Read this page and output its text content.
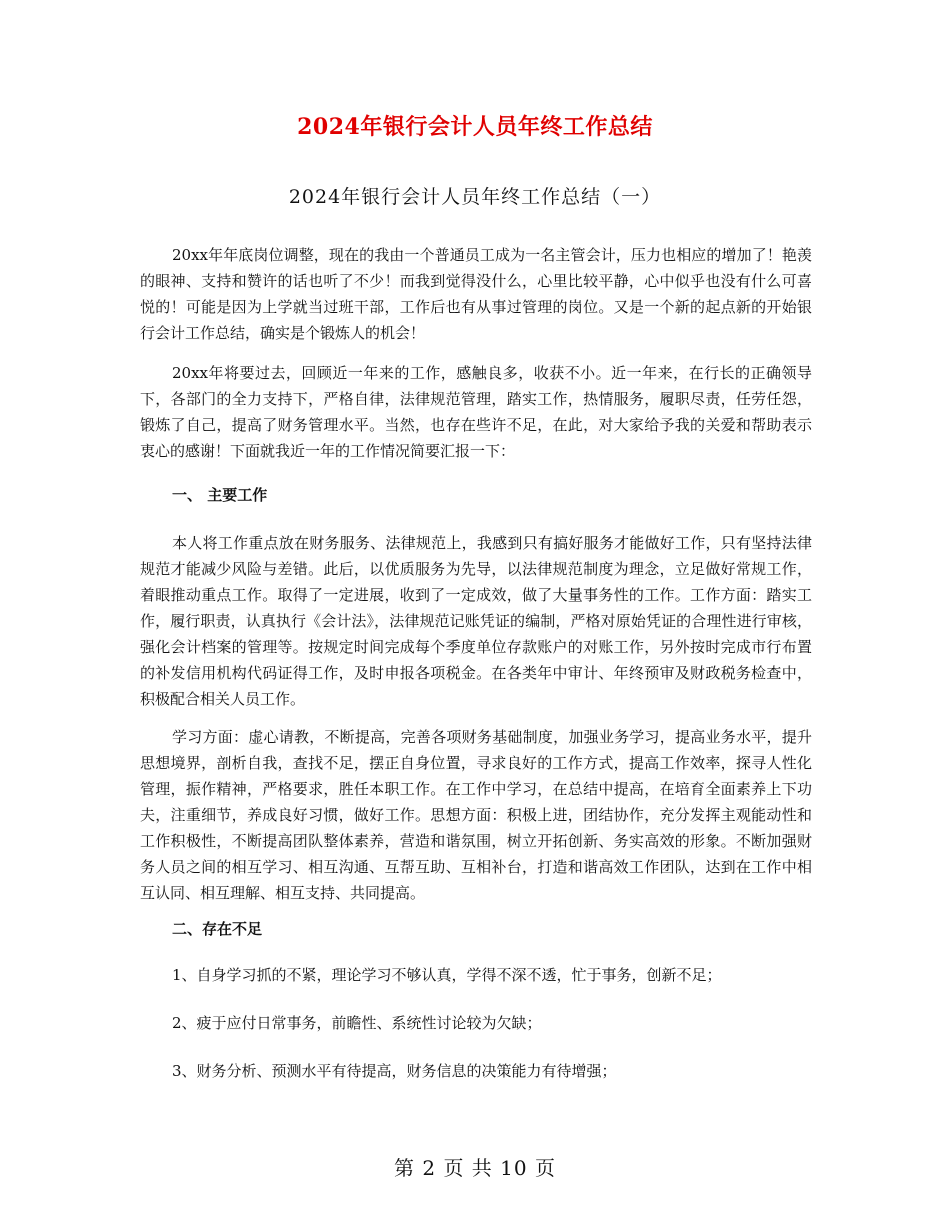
2024年银行会计人员年终工作总结
2024年银行会计人员年终工作总结（一）

20xx年年底岗位调整，现在的我由一个普通员工成为一名主管会计，压力也相应的增加了！艳羡的眼神、支持和赞许的话也听了不少！而我到觉得没什么，心里比较平静，心中似乎也没有什么可喜悦的！可能是因为上学就当过班干部，工作后也有从事过管理的岗位。又是一个新的起点新的开始银行会计工作总结，确实是个锻炼人的机会！

20xx年将要过去，回顾近一年来的工作，感触良多，收获不小。近一年来，在行长的正确领导下，各部门的全力支持下，严格自律，法律规范管理，踏实工作，热情服务，履职尽责，任劳任怨，锻炼了自己，提高了财务管理水平。当然，也存在些许不足，在此，对大家给予我的关爱和帮助表示衷心的感谢！下面就我近一年的工作情况简要汇报一下：

一、 主要工作

本人将工作重点放在财务服务、法律规范上，我感到只有搞好服务才能做好工作，只有坚持法律规范才能减少风险与差错。此后，以优质服务为先导，以法律规范制度为理念，立足做好常规工作，着眼推动重点工作。取得了一定进展，收到了一定成效，做了大量事务性的工作。工作方面：踏实工作，履行职责，认真执行《会计法》，法律规范记账凭证的编制，严格对原始凭证的合理性进行审核，强化会计档案的管理等。按规定时间完成每个季度单位存款账户的对账工作，另外按时完成市行布置的补发信用机构代码证得工作，及时申报各项税金。在各类年中审计、年终预审及财政税务检查中，积极配合相关人员工作。

学习方面：虚心请教，不断提高，完善各项财务基础制度，加强业务学习，提高业务水平，提升思想境界，剖析自我，查找不足，摆正自身位置，寻求良好的工作方式，提高工作效率，探寻人性化管理，振作精神，严格要求，胜任本职工作。在工作中学习，在总结中提高，在培育全面素养上下功夫，注重细节，养成良好习惯，做好工作。思想方面：积极上进，团结协作，充分发挥主观能动性和工作积极性，不断提高团队整体素养，营造和谐氛围，树立开拓创新、务实高效的形象。不断加强财务人员之间的相互学习、相互沟通、互帮互助、互相补台，打造和谐高效工作团队，达到在工作中相互认同、相互理解、相互支持、共同提高。

二、存在不足

1、自身学习抓的不紧，理论学习不够认真，学得不深不透，忙于事务，创新不足；

2、疲于应付日常事务，前瞻性、系统性讨论较为欠缺；

3、财务分析、预测水平有待提高，财务信息的决策能力有待增强；

第 2 页 共 10 页
